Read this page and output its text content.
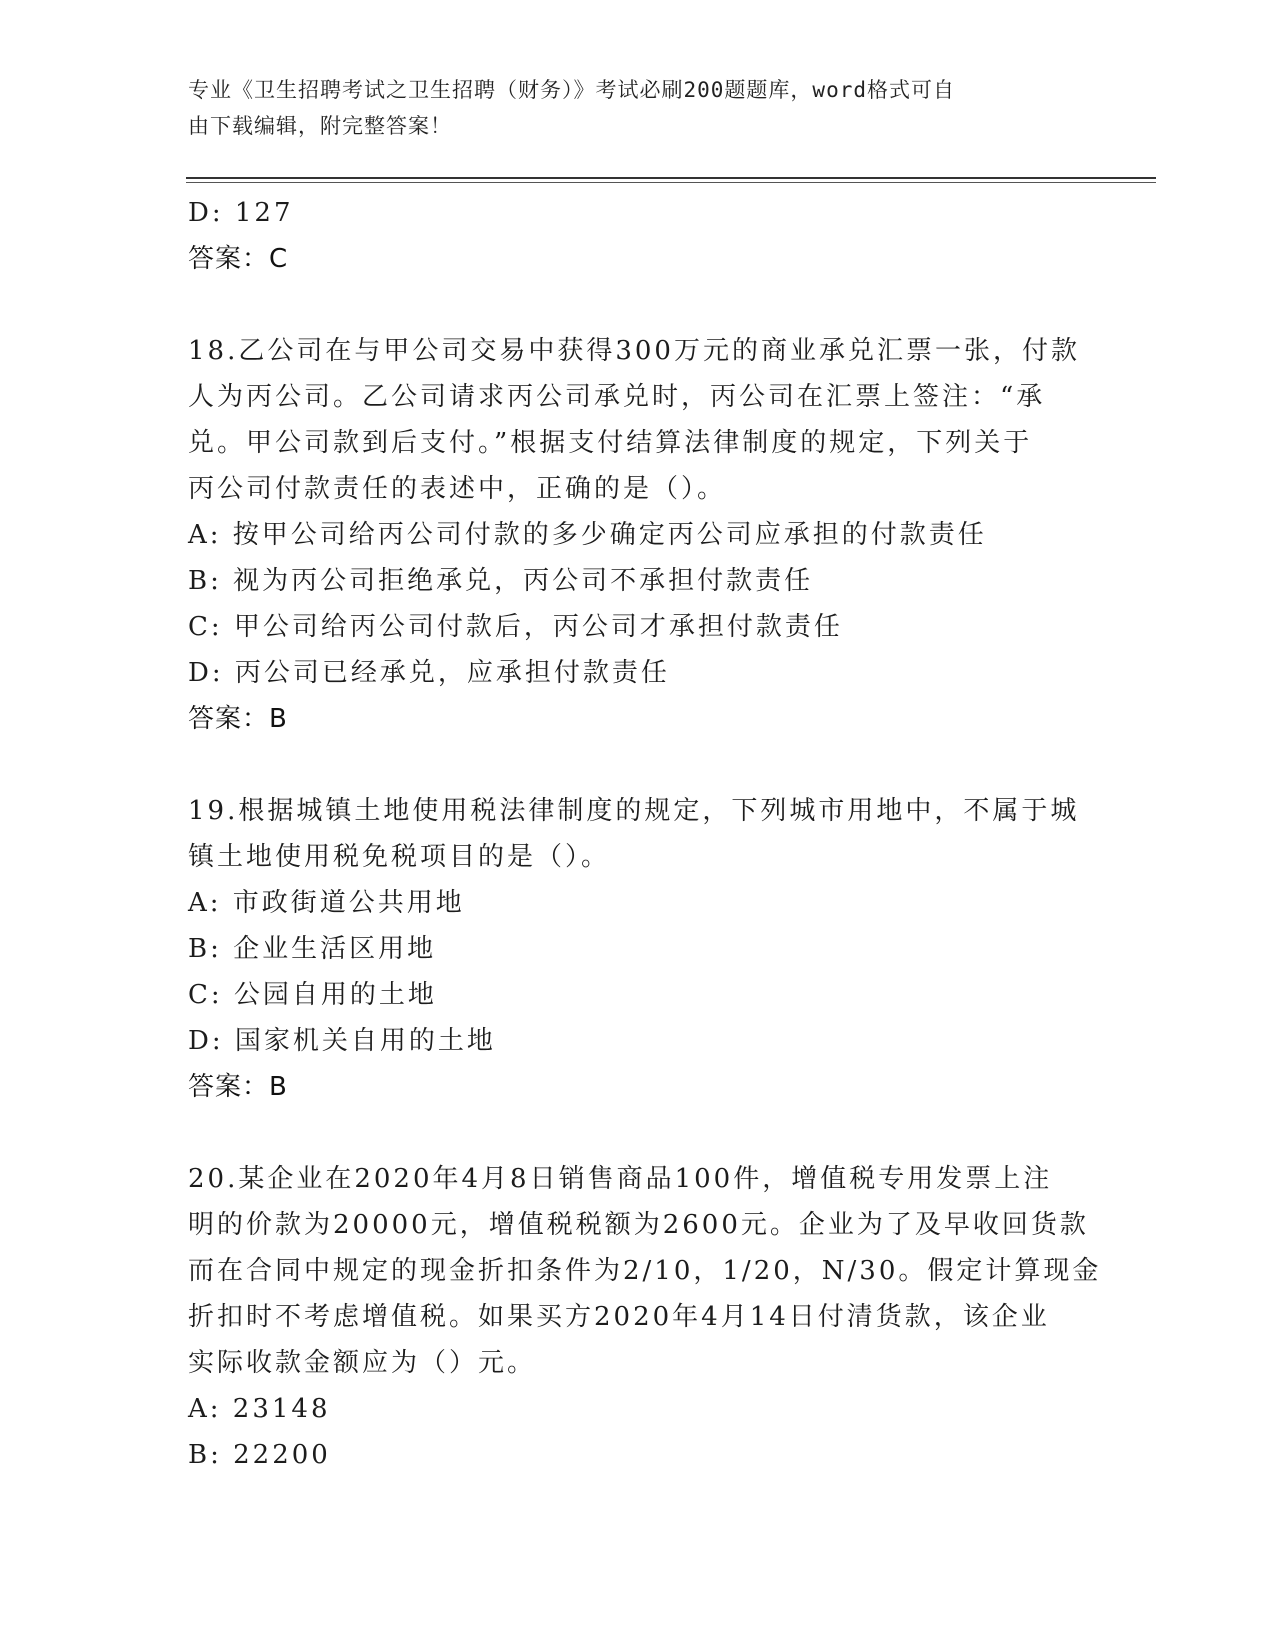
专业《卫生招聘考试之卫生招聘（财务）》考试必刷200题题库，word格式可自
由下载编辑，附完整答案！
D: 127
答案：C
18.乙公司在与甲公司交易中获得300万元的商业承兑汇票一张，付款
人为丙公司。乙公司请求丙公司承兑时，丙公司在汇票上签注：“承
兑。甲公司款到后支付。”根据支付结算法律制度的规定，下列关于
丙公司付款责任的表述中，正确的是（）。
A: 按甲公司给丙公司付款的多少确定丙公司应承担的付款责任
B: 视为丙公司拒绝承兑，丙公司不承担付款责任
C: 甲公司给丙公司付款后，丙公司才承担付款责任
D: 丙公司已经承兑，应承担付款责任
答案：B
19.根据城镇土地使用税法律制度的规定，下列城市用地中，不属于城
镇土地使用税免税项目的是（）。
A: 市政街道公共用地
B: 企业生活区用地
C: 公园自用的土地
D: 国家机关自用的土地
答案：B
20.某企业在2020年4月8日销售商品100件，增值税专用发票上注
明的价款为20000元，增值税税额为2600元。企业为了及早收回货款
而在合同中规定的现金折扣条件为2/10，1/20，N/30。假定计算现金
折扣时不考虑增值税。如果买方2020年4月14日付清货款，该企业
实际收款金额应为（）元。
A: 23148
B: 22200
